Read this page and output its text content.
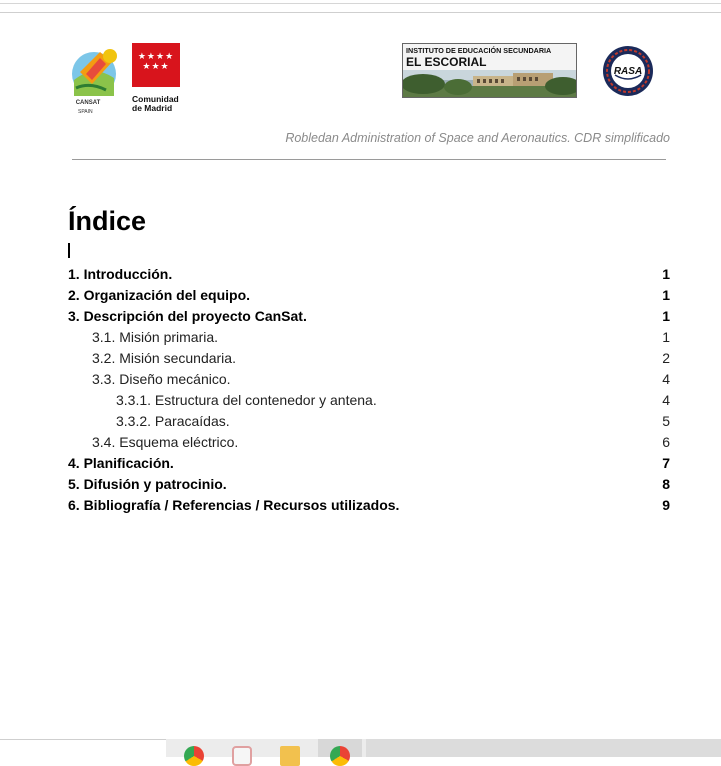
CANSAT
SPAIN
★★★★
★★★
Comunidad
de Madrid
INSTITUTO DE EDUCACIÓN SECUNDARIA
EL ESCORIAL
RASA
Robledan Administration of Space and Aeronautics. CDR simplificado
Índice
1. Introducción.	1
2. Organización del equipo.	1
3. Descripción del proyecto CanSat.	1
3.1. Misión primaria.	1
3.2. Misión secundaria.	2
3.3. Diseño mecánico.	4
3.3.1. Estructura del contenedor y antena.	4
3.3.2. Paracaídas.	5
3.4. Esquema eléctrico.	6
4. Planificación.	7
5. Difusión y patrocinio.	8
6. Bibliografía / Referencias / Recursos utilizados.	9
